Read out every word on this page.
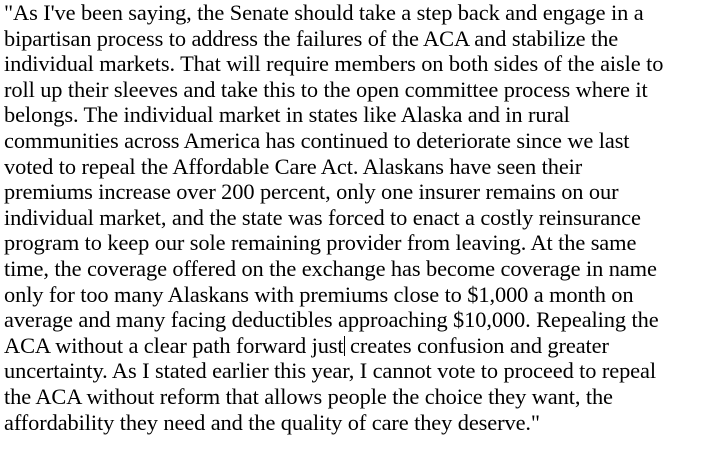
"As I've been saying, the Senate should take a step back and engage in a
bipartisan process to address the failures of the ACA and stabilize the
individual markets. That will require members on both sides of the aisle to
roll up their sleeves and take this to the open committee process where it
belongs. The individual market in states like Alaska and in rural
communities across America has continued to deteriorate since we last
voted to repeal the Affordable Care Act. Alaskans have seen their
premiums increase over 200 percent, only one insurer remains on our
individual market, and the state was forced to enact a costly reinsurance
program to keep our sole remaining provider from leaving. At the same
time, the coverage offered on the exchange has become coverage in name
only for too many Alaskans with premiums close to $1,000 a month on
average and many facing deductibles approaching $10,000. Repealing the
ACA without a clear path forward just creates confusion and greater
uncertainty. As I stated earlier this year, I cannot vote to proceed to repeal
the ACA without reform that allows people the choice they want, the
affordability they need and the quality of care they deserve."
